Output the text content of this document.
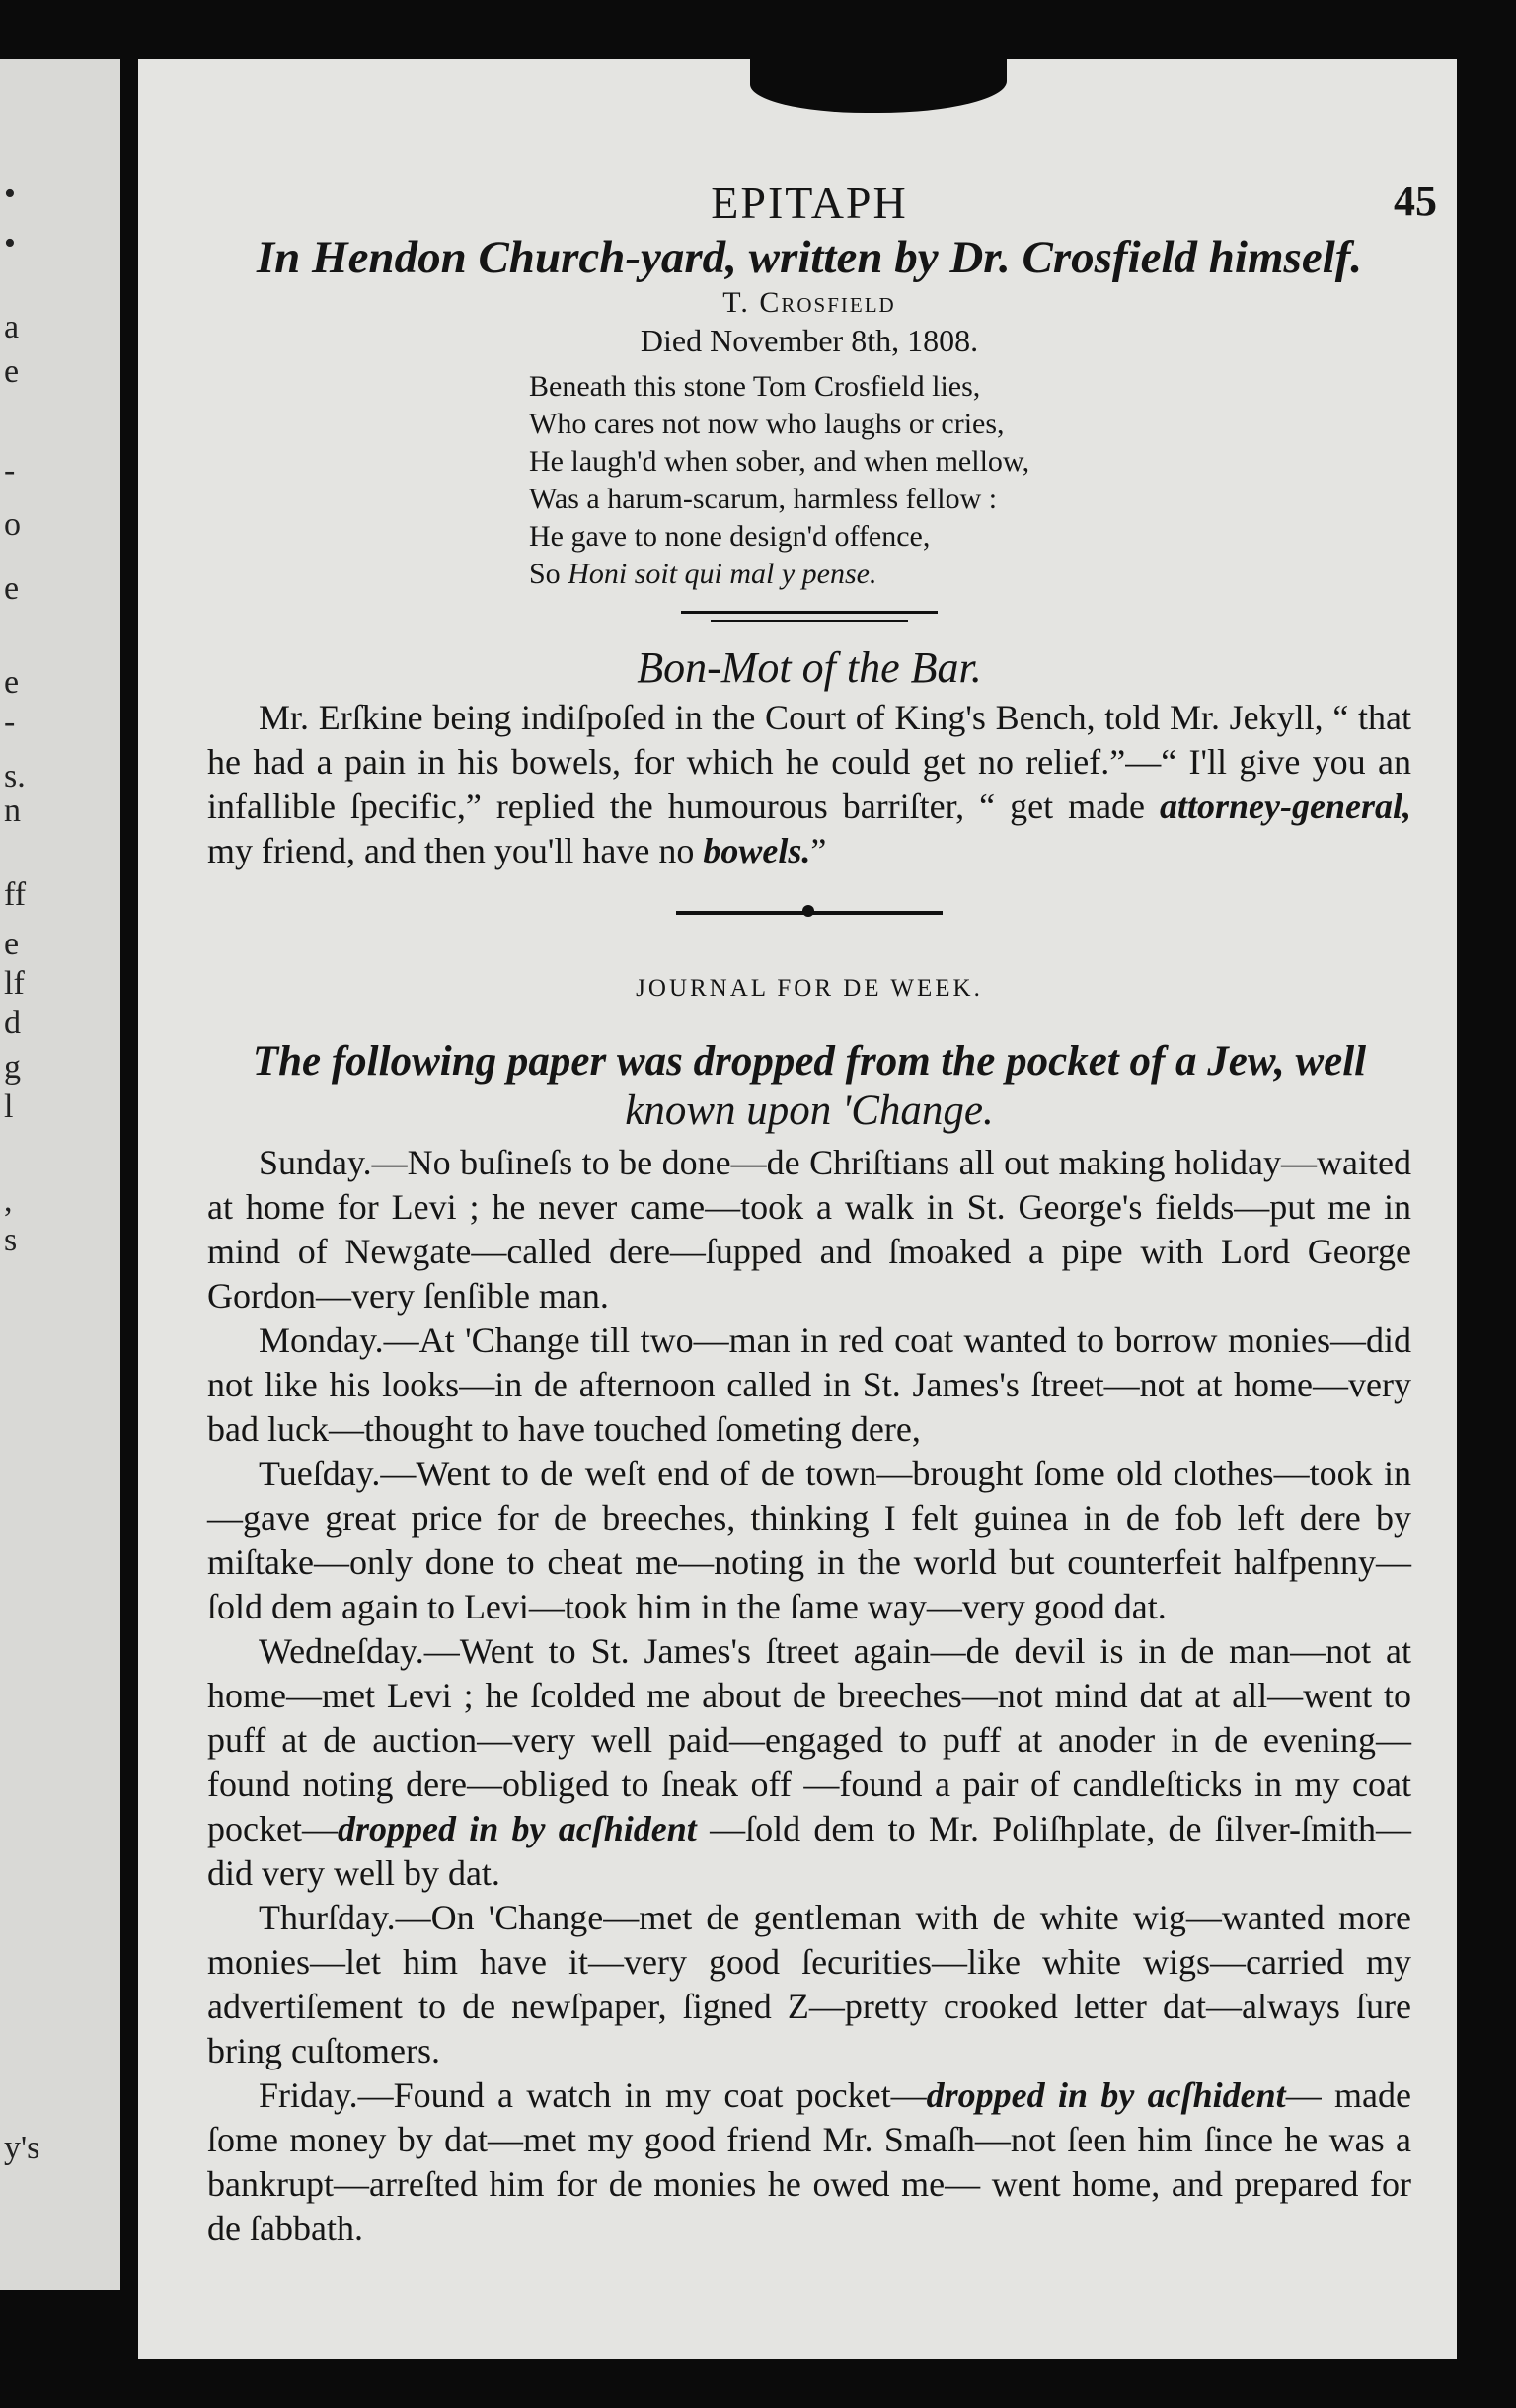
•
•
a
e
-
o
e
e
-
s.
n
ff
e
lf
d
g
l
,
s
y's
45
EPITAPH
In Hendon Church-yard, written by Dr. Crosfield himself.
T. Crosfield
Died November 8th, 1808.
Beneath this stone Tom Crosfield lies,
Who cares not now who laughs or cries,
He laugh'd when sober, and when mellow,
Was a harum-scarum, harmless fellow :
He gave to none design'd offence,
So Honi soit qui mal y pense.
Bon-Mot of the Bar.

Mr. Erſkine being indiſpoſed in the Court of King's Bench, told Mr. Jekyll, “ that he had a pain in his bowels, for which he could get no relief.”—“ I'll give you an infallible ſpecific,” replied the humourous barriſter, “ get made attorney-general, my friend, and then you'll have no bowels.”

JOURNAL FOR DE WEEK.
The following paper was dropped from the pocket of a Jew, well
known upon 'Change.

Sunday.—No buſineſs to be done—de Chriſtians all out making holiday—waited at home for Levi ; he never came—took a walk in St. George's fields—put me in mind of Newgate—called dere—ſupped and ſmoaked a pipe with Lord George Gordon—very ſenſible man.

Monday.—At 'Change till two—man in red coat wanted to borrow monies—did not like his looks—in de afternoon called in St. James's ſtreet—not at home—very bad luck—thought to have touched ſometing dere,

Tueſday.—Went to de weſt end of de town—brought ſome old clothes—took in—gave great price for de breeches, thinking I felt guinea in de fob left dere by miſtake—only done to cheat me—noting in the world but counterfeit halfpenny—ſold dem again to Levi—took him in the ſame way—very good dat.

Wedneſday.—Went to St. James's ſtreet again—de devil is in de man—not at home—met Levi ; he ſcolded me about de breeches—not mind dat at all—went to puff at de auction—very well paid—engaged to puff at anoder in de evening—found noting dere—obliged to ſneak off —found a pair of candleſticks in my coat pocket—dropped in by acſhident —ſold dem to Mr. Poliſhplate, de ſilver-ſmith—did very well by dat.

Thurſday.—On 'Change—met de gentleman with de white wig—wanted more monies—let him have it—very good ſecurities—like white wigs—carried my advertiſement to de newſpaper, ſigned Z—pretty crooked letter dat—always ſure bring cuſtomers.

Friday.—Found a watch in my coat pocket—dropped in by acſhident— made ſome money by dat—met my good friend Mr. Smaſh—not ſeen him ſince he was a bankrupt—arreſted him for de monies he owed me— went home, and prepared for de ſabbath.
